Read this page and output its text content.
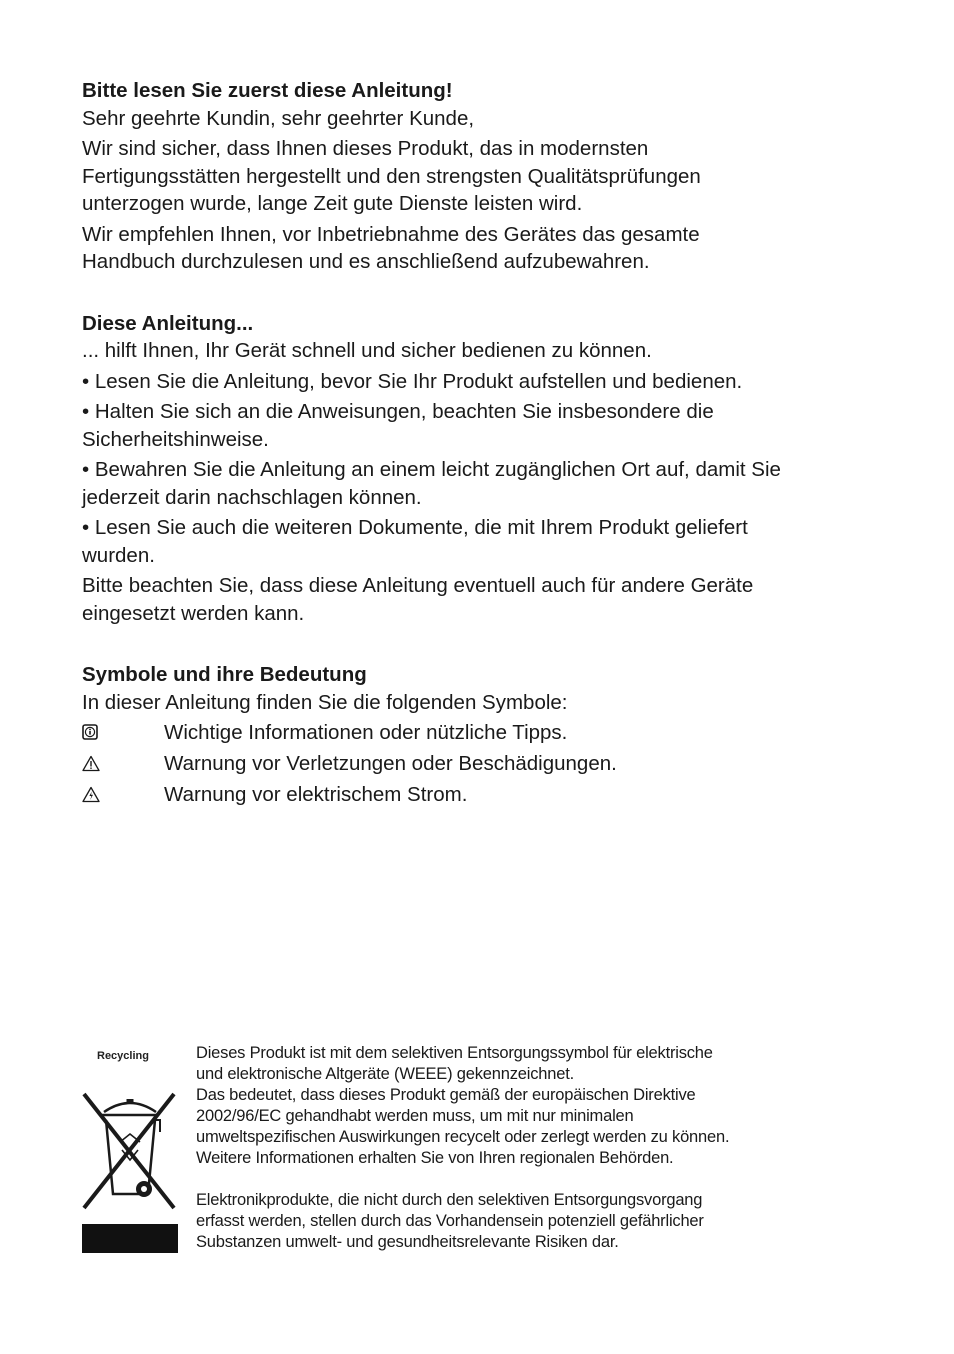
Bitte lesen Sie zuerst diese Anleitung!

Sehr geehrte Kundin, sehr geehrter Kunde,

Wir sind sicher, dass Ihnen dieses Produkt, das in modernsten

Fertigungsstätten hergestellt und den strengsten Qualitätsprüfungen

unterzogen wurde, lange Zeit gute Dienste leisten wird.

Wir empfehlen Ihnen, vor Inbetriebnahme des Gerätes das gesamte

Handbuch durchzulesen und es anschließend aufzubewahren.

Diese Anleitung...

... hilft Ihnen, Ihr Gerät schnell und sicher bedienen zu können.

• Lesen Sie die Anleitung, bevor Sie Ihr Produkt aufstellen und bedienen.

• Halten Sie sich an die Anweisungen, beachten Sie insbesondere die

Sicherheitshinweise.

• Bewahren Sie die Anleitung an einem leicht zugänglichen Ort auf, damit Sie

jederzeit darin nachschlagen können.

• Lesen Sie auch die weiteren Dokumente, die mit Ihrem Produkt geliefert

wurden.

Bitte beachten Sie, dass diese Anleitung eventuell auch für andere Geräte

eingesetzt werden kann.

Symbole und ihre Bedeutung

In dieser Anleitung finden Sie die folgenden Symbole:

Wichtige Informationen oder nützliche Tipps.
Warnung vor Verletzungen oder Beschädigungen.
Warnung vor elektrischem Strom.
Recycling	Dieses Produkt ist mit dem selektiven Entsorgungssymbol für elektrische

und elektronische Altgeräte (WEEE) gekennzeichnet.

Das bedeutet, dass dieses Produkt gemäß der europäischen Direktive

2002/96/EC gehandhabt werden muss, um mit nur minimalen

umweltspezifischen Auswirkungen recycelt oder zerlegt werden zu können.

Weitere Informationen erhalten Sie von Ihren regionalen Behörden.

Elektronikprodukte, die nicht durch den selektiven Entsorgungsvorgang

erfasst werden, stellen durch das Vorhandensein potenziell gefährlicher

Substanzen umwelt- und gesundheitsrelevante Risiken dar.
